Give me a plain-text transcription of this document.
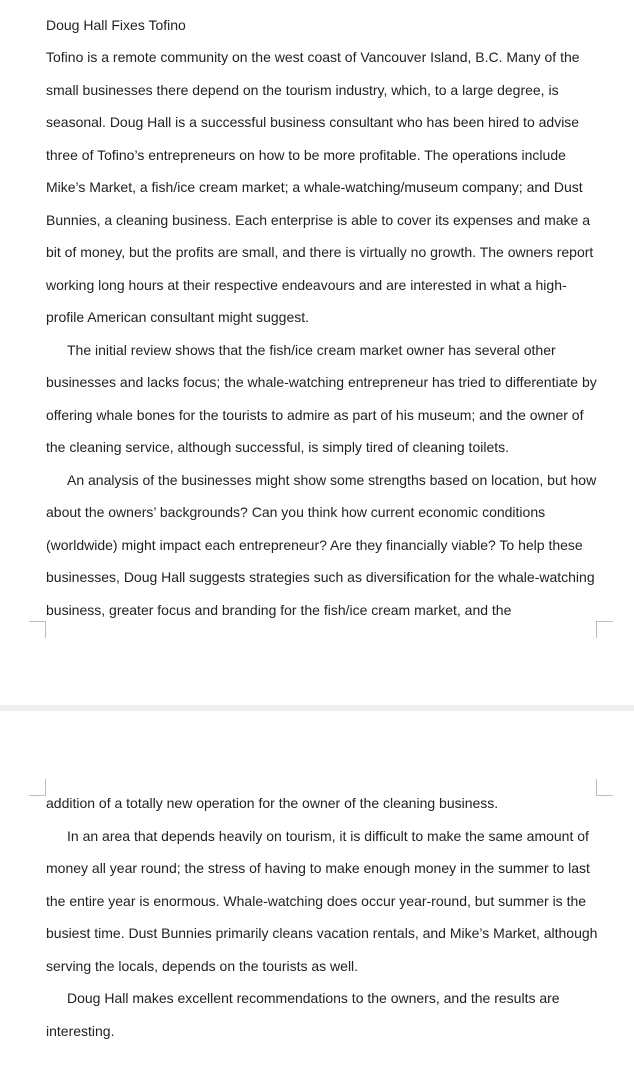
Doug Hall Fixes Tofino

Tofino is a remote community on the west coast of Vancouver Island, B.C. Many of the small businesses there depend on the tourism industry, which, to a large degree, is seasonal. Doug Hall is a successful business consultant who has been hired to advise three of Tofino’s entrepreneurs on how to be more profitable. The operations include Mike’s Market, a fish/ice cream market; a whale-watching/museum company; and Dust Bunnies, a cleaning business. Each enterprise is able to cover its expenses and make a bit of money, but the profits are small, and there is virtually no growth. The owners report working long hours at their respective endeavours and are interested in what a high-profile American consultant might suggest.

The initial review shows that the fish/ice cream market owner has several other businesses and lacks focus; the whale-watching entrepreneur has tried to differentiate by offering whale bones for the tourists to admire as part of his museum; and the owner of the cleaning service, although successful, is simply tired of cleaning toilets.

An analysis of the businesses might show some strengths based on location, but how about the owners’ backgrounds? Can you think how current economic conditions (worldwide) might impact each entrepreneur? Are they financially viable? To help these businesses, Doug Hall suggests strategies such as diversification for the whale-watching business, greater focus and branding for the fish/ice cream market, and the

addition of a totally new operation for the owner of the cleaning business.

In an area that depends heavily on tourism, it is difficult to make the same amount of money all year round; the stress of having to make enough money in the summer to last the entire year is enormous. Whale-watching does occur year-round, but summer is the busiest time. Dust Bunnies primarily cleans vacation rentals, and Mike’s Market, although serving the locals, depends on the tourists as well.

Doug Hall makes excellent recommendations to the owners, and the results are interesting.
